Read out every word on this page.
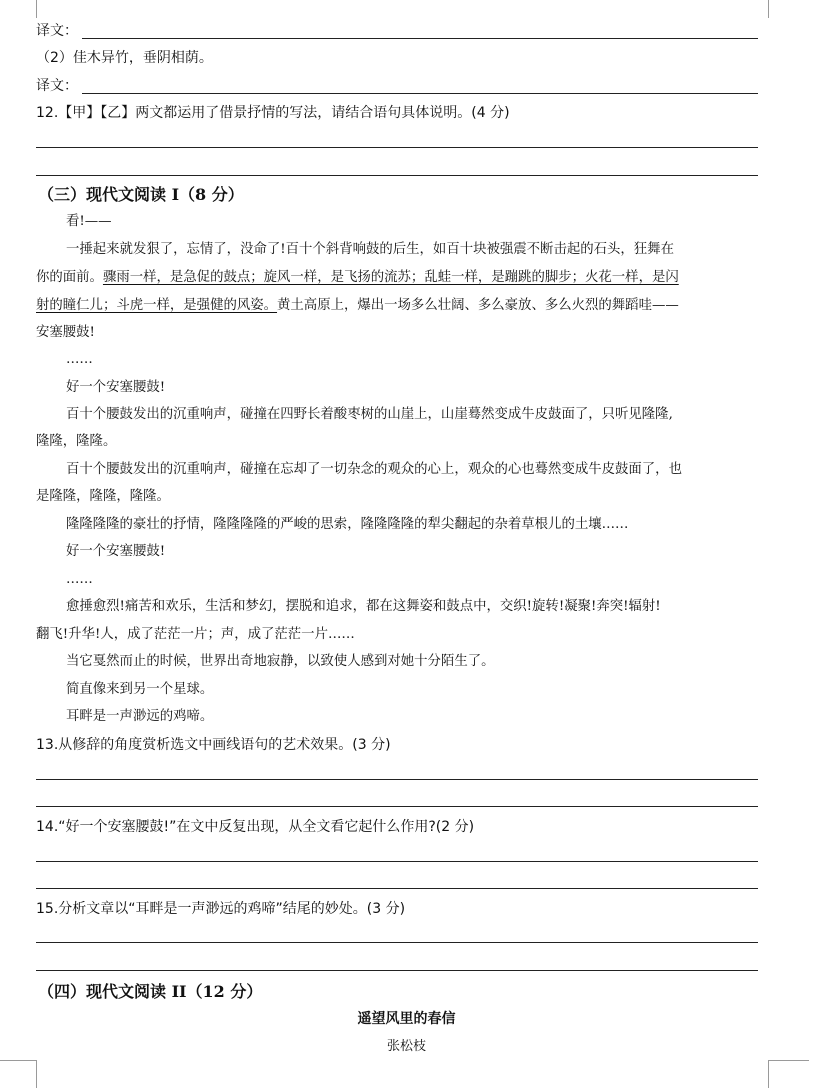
译文：
（2）佳木异竹，垂阴相荫。
译文：
12.【甲】【乙】两文都运用了借景抒情的写法，请结合语句具体说明。(4 分)
（三）现代文阅读 I（8 分）
看!——
一捶起来就发狠了，忘情了，没命了!百十个斜背响鼓的后生，如百十块被强震不断击起的石头，狂舞在
你的面前。骤雨一样，是急促的鼓点；旋风一样，是飞扬的流苏；乱蛙一样，是蹦跳的脚步；火花一样，是闪
射的瞳仁儿；斗虎一样，是强健的风姿。黄土高原上，爆出一场多么壮阔、多么豪放、多么火烈的舞蹈哇——
安塞腰鼓!
……
好一个安塞腰鼓!
百十个腰鼓发出的沉重响声，碰撞在四野长着酸枣树的山崖上，山崖蓦然变成牛皮鼓面了，只听见隆隆,
隆隆，隆隆。
百十个腰鼓发出的沉重响声，碰撞在忘却了一切杂念的观众的心上，观众的心也蓦然变成牛皮鼓面了，也
是隆隆，隆隆，隆隆。
隆隆隆隆的豪壮的抒情，隆隆隆隆的严峻的思索，隆隆隆隆的犁尖翻起的杂着草根儿的土壤……
好一个安塞腰鼓!
……
愈捶愈烈!痛苦和欢乐，生活和梦幻，摆脱和追求，都在这舞姿和鼓点中，交织!旋转!凝聚!奔突!辐射!
翻飞!升华!人，成了茫茫一片；声，成了茫茫一片……
当它戛然而止的时候，世界出奇地寂静，以致使人感到对她十分陌生了。
简直像来到另一个星球。
耳畔是一声渺远的鸡啼。
13.从修辞的角度赏析选文中画线语句的艺术效果。(3 分)
14.“好一个安塞腰鼓!”在文中反复出现，从全文看它起什么作用?(2 分)
15.分析文章以“耳畔是一声渺远的鸡啼”结尾的妙处。(3 分)
（四）现代文阅读 II（12 分）
遥望风里的春信
张松枝
